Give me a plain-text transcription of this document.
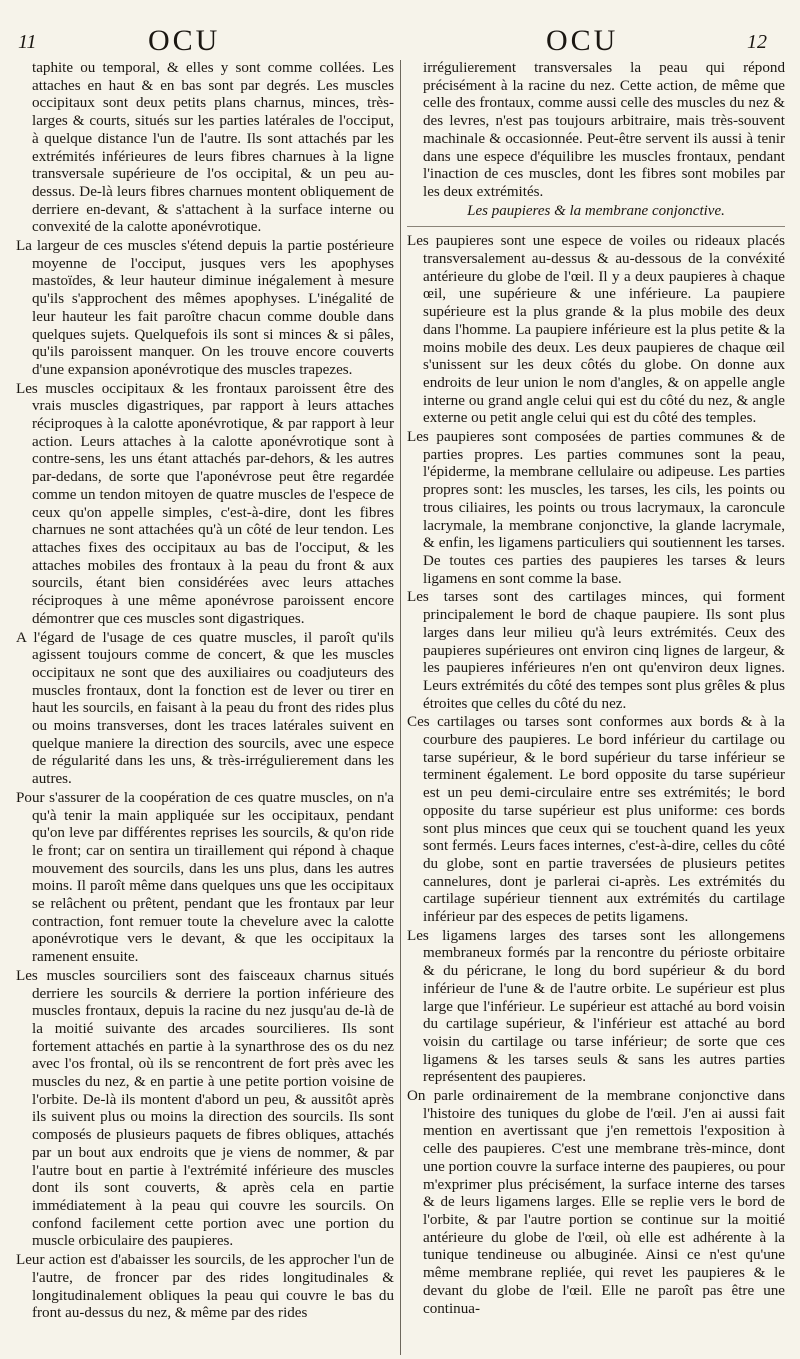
11	OCU	OCU	12

taphite ou temporal, & elles y sont comme collées. Les attaches en haut & en bas sont par degrés. Les muscles occipitaux sont deux petits plans charnus, minces, très-larges & courts, situés sur les parties latérales de l'occiput, à quelque distance l'un de l'autre. Ils sont attachés par les extrémités inférieures de leurs fibres charnues à la ligne transversale supérieure de l'os occipital, & un peu au-dessus. De-là leurs fibres charnues montent obliquement de derriere en-devant, & s'attachent à la surface interne ou convexité de la calotte aponévrotique.

La largeur de ces muscles s'étend depuis la partie postérieure moyenne de l'occiput, jusques vers les apophyses mastoïdes, & leur hauteur diminue inégalement à mesure qu'ils s'approchent des mêmes apophyses. L'inégalité de leur hauteur les fait paroître chacun comme double dans quelques sujets. Quelquefois ils sont si minces & si pâles, qu'ils paroissent manquer. On les trouve encore couverts d'une expansion aponévrotique des muscles trapezes.

Les muscles occipitaux & les frontaux paroissent être des vrais muscles digastriques, par rapport à leurs attaches réciproques à la calotte aponévrotique, & par rapport à leur action. Leurs attaches à la calotte aponévrotique sont à contre-sens, les uns étant attachés par-dehors, & les autres par-dedans, de sorte que l'aponévrose peut être regardée comme un tendon mitoyen de quatre muscles de l'espece de ceux qu'on appelle simples, c'est-à-dire, dont les fibres charnues ne sont attachées qu'à un côté de leur tendon. Les attaches fixes des occipitaux au bas de l'occiput, & les attaches mobiles des frontaux à la peau du front & aux sourcils, étant bien considérées avec leurs attaches réciproques à une même aponévrose paroissent encore démontrer que ces muscles sont digastriques.

A l'égard de l'usage de ces quatre muscles, il paroît qu'ils agissent toujours comme de concert, & que les muscles occipitaux ne sont que des auxiliaires ou coadjuteurs des muscles frontaux, dont la fonction est de lever ou tirer en haut les sourcils, en faisant à la peau du front des rides plus ou moins transverses, dont les traces latérales suivent en quelque maniere la direction des sourcils, avec une espece de régularité dans les uns, & très-irrégulierement dans les autres.

Pour s'assurer de la coopération de ces quatre muscles, on n'a qu'à tenir la main appliquée sur les occipitaux, pendant qu'on leve par différentes reprises les sourcils, & qu'on ride le front; car on sentira un tiraillement qui répond à chaque mouvement des sourcils, dans les uns plus, dans les autres moins. Il paroît même dans quelques uns que les occipitaux se relâchent ou prêtent, pendant que les frontaux par leur contraction, font remuer toute la chevelure avec la calotte aponévrotique vers le devant, & que les occipitaux la ramenent ensuite.

Les muscles sourciliers sont des faisceaux charnus situés derriere les sourcils & derriere la portion inférieure des muscles frontaux, depuis la racine du nez jusqu'au de-là de la moitié suivante des arcades sourcilieres. Ils sont fortement attachés en partie à la synarthrose des os du nez avec l'os frontal, où ils se rencontrent de fort près avec les muscles du nez, & en partie à une petite portion voisine de l'orbite. De-là ils montent d'abord un peu, & aussitôt après ils suivent plus ou moins la direction des sourcils. Ils sont composés de plusieurs paquets de fibres obliques, attachés par un bout aux endroits que je viens de nommer, & par l'autre bout en partie à l'extrémité inférieure des muscles dont ils sont couverts, & après cela en partie immédiatement à la peau qui couvre les sourcils. On confond facilement cette portion avec une portion du muscle orbiculaire des paupieres.

Leur action est d'abaisser les sourcils, de les approcher l'un de l'autre, de froncer par des rides longitudinales & longitudinalement obliques la peau qui couvre le bas du front au-dessus du nez, & même par des rides

irrégulierement transversales la peau qui répond précisément à la racine du nez. Cette action, de même que celle des frontaux, comme aussi celle des muscles du nez & des levres, n'est pas toujours arbitraire, mais très-souvent machinale & occasionnée. Peut-être servent ils aussi à tenir dans une espece d'équilibre les muscles frontaux, pendant l'inaction de ces muscles, dont les fibres sont mobiles par les deux extrémités.

Les paupieres & la membrane conjonctive.

Les paupieres sont une espece de voiles ou rideaux placés transversalement au-dessus & au-dessous de la convéxité antérieure du globe de l'œil. Il y a deux paupieres à chaque œil, une supérieure & une inférieure. La paupiere supérieure est la plus grande & la plus mobile des deux dans l'homme. La paupiere inférieure est la plus petite & la moins mobile des deux. Les deux paupieres de chaque œil s'unissent sur les deux côtés du globe. On donne aux endroits de leur union le nom d'angles, & on appelle angle interne ou grand angle celui qui est du côté du nez, & angle externe ou petit angle celui qui est du côté des temples.

Les paupieres sont composées de parties communes & de parties propres. Les parties communes sont la peau, l'épiderme, la membrane cellulaire ou adipeuse. Les parties propres sont: les muscles, les tarses, les cils, les points ou trous ciliaires, les points ou trous lacrymaux, la caroncule lacrymale, la membrane conjonctive, la glande lacrymale, & enfin, les ligamens particuliers qui soutiennent les tarses. De toutes ces parties des paupieres les tarses & leurs ligamens en sont comme la base.

Les tarses sont des cartilages minces, qui forment principalement le bord de chaque paupiere. Ils sont plus larges dans leur milieu qu'à leurs extrémités. Ceux des paupieres supérieures ont environ cinq lignes de largeur, & les paupieres inférieures n'en ont qu'environ deux lignes. Leurs extrémités du côté des tempes sont plus grêles & plus étroites que celles du côté du nez.

Ces cartilages ou tarses sont conformes aux bords & à la courbure des paupieres. Le bord inférieur du cartilage ou tarse supérieur, & le bord supérieur du tarse inférieur se terminent également. Le bord opposite du tarse supérieur est un peu demi-circulaire entre ses extrémités; le bord opposite du tarse supérieur est plus uniforme: ces bords sont plus minces que ceux qui se touchent quand les yeux sont fermés. Leurs faces internes, c'est-à-dire, celles du côté du globe, sont en partie traversées de plusieurs petites cannelures, dont je parlerai ci-après. Les extrémités du cartilage supérieur tiennent aux extrémités du cartilage inférieur par des especes de petits ligamens.

Les ligamens larges des tarses sont les allongemens membraneux formés par la rencontre du périoste orbitaire & du péricrane, le long du bord supérieur & du bord inférieur de l'une & de l'autre orbite. Le supérieur est plus large que l'inférieur. Le supérieur est attaché au bord voisin du cartilage supérieur, & l'inférieur est attaché au bord voisin du cartilage ou tarse inférieur; de sorte que ces ligamens & les tarses seuls & sans les autres parties représentent des paupieres.

On parle ordinairement de la membrane conjonctive dans l'histoire des tuniques du globe de l'œil. J'en ai aussi fait mention en avertissant que j'en remettois l'exposition à celle des paupieres. C'est une membrane très-mince, dont une portion couvre la surface interne des paupieres, ou pour m'exprimer plus précisément, la surface interne des tarses & de leurs ligamens larges. Elle se replie vers le bord de l'orbite, & par l'autre portion se continue sur la moitié antérieure du globe de l'œil, où elle est adhérente à la tunique tendineuse ou albuginée. Ainsi ce n'est qu'une même membrane repliée, qui revet les paupieres & le devant du globe de l'œil. Elle ne paroît pas être une continua-
